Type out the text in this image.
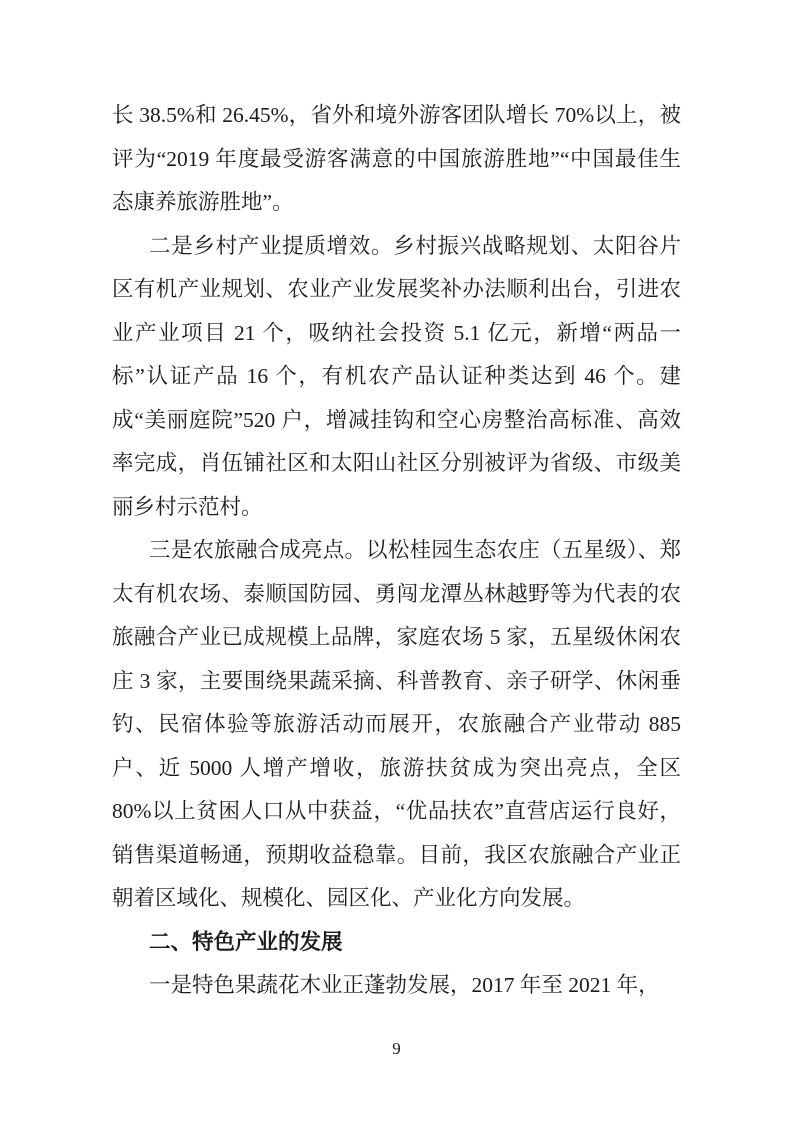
长 38.5%和 26.45%，省外和境外游客团队增长 70%以上，被评为“2019 年度最受游客满意的中国旅游胜地”“中国最佳生态康养旅游胜地”。

二是乡村产业提质增效。乡村振兴战略规划、太阳谷片区有机产业规划、农业产业发展奖补办法顺利出台，引进农业产业项目 21 个，吸纳社会投资 5.1 亿元，新增“两品一标”认证产品 16 个，有机农产品认证种类达到 46 个。建成“美丽庭院”520 户，增减挂钩和空心房整治高标准、高效率完成，肖伍铺社区和太阳山社区分别被评为省级、市级美丽乡村示范村。

三是农旅融合成亮点。以松桂园生态农庄（五星级）、郑太有机农场、泰顺国防园、勇闯龙潭丛林越野等为代表的农旅融合产业已成规模上品牌，家庭农场 5 家，五星级休闲农庄 3 家，主要围绕果蔬采摘、科普教育、亲子研学、休闲垂钓、民宿体验等旅游活动而展开，农旅融合产业带动 885 户、近 5000 人增产增收，旅游扶贫成为突出亮点，全区 80%以上贫困人口从中获益，“优品扶农”直营店运行良好，销售渠道畅通，预期收益稳靠。目前，我区农旅融合产业正朝着区域化、规模化、园区化、产业化方向发展。

二、特色产业的发展

一是特色果蔬花木业正蓬勃发展，2017 年至 2021 年，

9
